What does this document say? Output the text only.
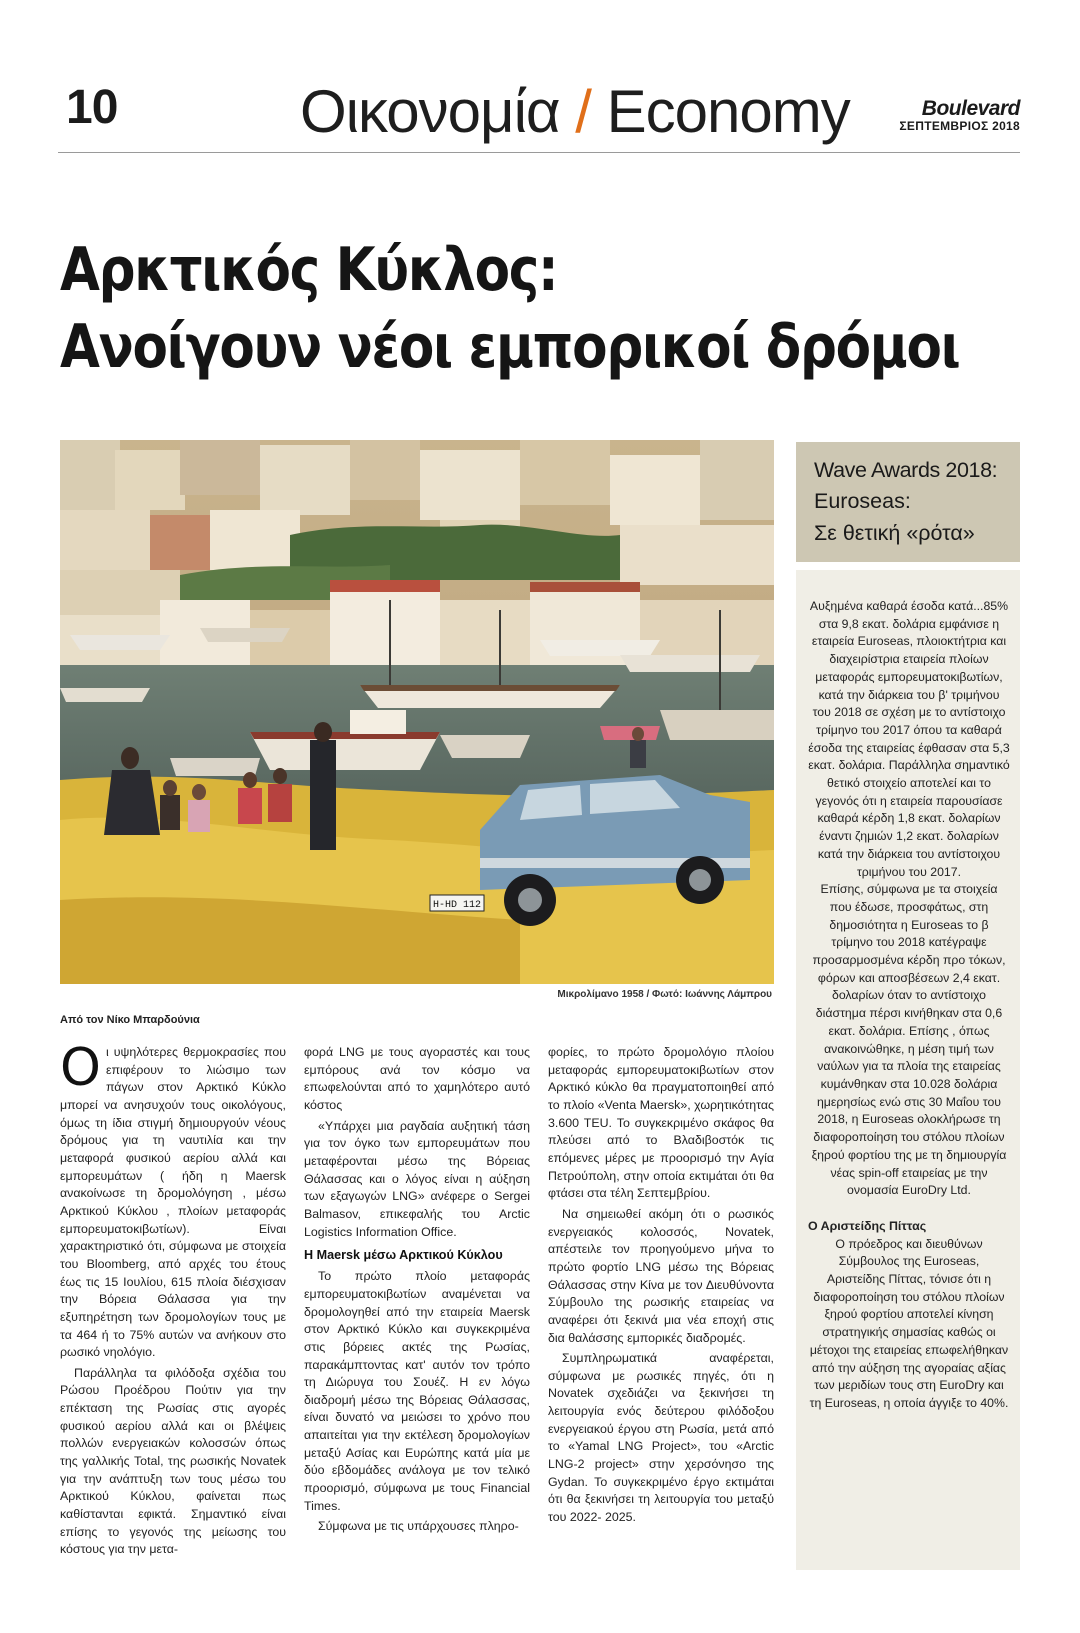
10	Οικονομία / Economy	Boulevard
ΣΕΠΤΕΜΒΡΙΟΣ 2018
Αρκτικός Κύκλος:
Ανοίγουν νέοι εμπορικοί δρόμοι
H-HD 112
Μικρολίμανο 1958 / Φωτό: Ιωάννης Λάμπρου
Από τον Νίκο Μπαρδούνια

Οι υψηλότερες θερμοκρασίες που επιφέρουν το λιώσιμο των πάγων στον Αρκτικό Κύκλο μπορεί να ανησυχούν τους οικολόγους, όμως τη ίδια στιγμή δημιουργούν νέους δρόμους για τη ναυτιλία και την μεταφορά φυσικού αερίου αλλά και εμπορευμάτων ( ήδη η Maersk ανακοίνωσε τη δρομολόγηση , μέσω Αρκτικού Κύκλου , πλοίων μεταφοράς εμπορευματοκιβωτίων). Είναι χαρακτηριστικό ότι, σύμφωνα με στοιχεία του Bloomberg, από αρχές του έτους έως τις 15 Ιουλίου, 615 πλοία διέσχισαν την Βόρεια Θάλασσα για την εξυπηρέτηση των δρομολογίων τους με τα 464 ή το 75% αυτών να ανήκουν στο ρωσικό νηολόγιο.

Παράλληλα τα φιλόδοξα σχέδια του Ρώσου Προέδρου Πούτιν για την επέκταση της Ρωσίας στις αγορές φυσικού αερίου αλλά και οι βλέψεις πολλών ενεργειακών κολοσσών όπως της γαλλικής Total, της ρωσικής Novatek για την ανάπτυξη των τους μέσω του Αρκτικού Κύκλου, φαίνεται πως καθίστανται εφικτά. Σημαντικό είναι επίσης το γεγονός της μείωσης του κόστους για την μετα-

φορά LNG με τους αγοραστές και τους εμπόρους ανά τον κόσμο να επωφελούνται από το χαμηλότερο αυτό κόστος

«Υπάρχει μια ραγδαία αυξητική τάση για τον όγκο των εμπορευμάτων που μεταφέρονται μέσω της Βόρειας Θάλασσας και ο λόγος είναι η αύξηση των εξαγωγών LNG» ανέφερε ο Sergei Balmasov, επικεφαλής του Arctic Logistics Information Office.

Η Maersk μέσω Αρκτικού Κύκλου

Το πρώτο πλοίο μεταφοράς εμπορευματοκιβωτίων αναμένεται να δρομολογηθεί από την εταιρεία Maersk στον Αρκτικό Κύκλο και συγκεκριμένα στις βόρειες ακτές της Ρωσίας, παρακάμπτοντας κατ' αυτόν τον τρόπο τη Διώρυγα του Σουέζ. Η εν λόγω διαδρομή μέσω της Βόρειας Θάλασσας, είναι δυνατό να μειώσει το χρόνο που απαιτείται για την εκτέλεση δρομολογίων μεταξύ Ασίας και Ευρώπης κατά μία με δύο εβδομάδες ανάλογα με τον τελικό προορισμό, σύμφωνα με τους Financial Times.

Σύμφωνα με τις υπάρχουσες πληρο-

φορίες, το πρώτο δρομολόγιο πλοίου μεταφοράς εμπορευματοκιβωτίων στον Αρκτικό κύκλο θα πραγματοποιηθεί από το πλοίο «Venta Maersk», χωρητικότητας 3.600 TEU. Το συγκεκριμένο σκάφος θα πλεύσει από το Βλαδιβοστόκ τις επόμενες μέρες με προορισμό την Αγία Πετρούπολη, στην οποία εκτιμάται ότι θα φτάσει στα τέλη Σεπτεμβρίου.

Να σημειωθεί ακόμη ότι ο ρωσικός ενεργειακός κολοσσός, Novatek, απέστειλε τον προηγούμενο μήνα το πρώτο φορτίο LNG μέσω της Βόρειας Θάλασσας στην Κίνα με τον Διευθύνοντα Σύμβουλο της ρωσικής εταιρείας να αναφέρει ότι ξεκινά μια νέα εποχή στις δια θαλάσσης εμπορικές διαδρομές.

Συμπληρωματικά αναφέρεται, σύμφωνα με ρωσικές πηγές, ότι η Novatek σχεδιάζει να ξεκινήσει τη λειτουργία ενός δεύτερου φιλόδοξου ενεργειακού έργου στη Ρωσία, μετά από το «Yamal LNG Project», του «Arctic LNG-2 project» στην χερσόνησο της Gydan. Το συγκεκριμένο έργο εκτιμάται ότι θα ξεκινήσει τη λειτουργία του μεταξύ του 2022- 2025.

Wave Awards 2018:
Euroseas:
Σε θετική «ρότα»

Αυξημένα καθαρά έσοδα κατά...85% στα 9,8 εκατ. δολάρια εμφάνισε η εταιρεία Euroseas, πλοιοκτήτρια και διαχειρίστρια εταιρεία πλοίων μεταφοράς εμπορευματοκιβωτίων, κατά την διάρκεια του β' τριμήνου του 2018 σε σχέση με το αντίστοιχο τρίμηνο του 2017 όπου τα καθαρά έσοδα της εταιρείας έφθασαν στα 5,3 εκατ. δολάρια. Παράλληλα σημαντικό θετικό στοιχείο αποτελεί και το γεγονός ότι η εταιρεία παρουσίασε καθαρά κέρδη 1,8 εκατ. δολαρίων έναντι ζημιών 1,2 εκατ. δολαρίων κατά την διάρκεια του αντίστοιχου τριμήνου του 2017.

Επίσης, σύμφωνα με τα στοιχεία που έδωσε, προσφάτως, στη δημοσιότητα η Euroseas το β τρίμηνο του 2018 κατέγραψε προσαρμοσμένα κέρδη προ τόκων, φόρων και αποσβέσεων 2,4 εκατ. δολαρίων όταν το αντίστοιχο διάστημα πέρσι κινήθηκαν στα 0,6 εκατ. δολάρια. Επίσης , όπως ανακοινώθηκε, η μέση τιμή των ναύλων για τα πλοία της εταιρείας κυμάνθηκαν στα 10.028 δολάρια ημερησίως ενώ στις 30 Μαΐου του 2018, η Euroseas ολοκλήρωσε τη διαφοροποίηση του στόλου πλοίων ξηρού φορτίου της με τη δημιουργία νέας spin-off εταιρείας με την ονομασία EuroDry Ltd.

Ο Αριστείδης Πίττας

Ο πρόεδρος και διευθύνων Σύμβουλος της Euroseas, Αριστείδης Πίττας, τόνισε ότι η διαφοροποίηση του στόλου πλοίων ξηρού φορτίου αποτελεί κίνηση στρατηγικής σημασίας καθώς οι μέτοχοι της εταιρείας επωφελήθηκαν από την αύξηση της αγοραίας αξίας των μεριδίων τους στη EuroDry και τη Euroseas, η οποία άγγιξε το 40%.
